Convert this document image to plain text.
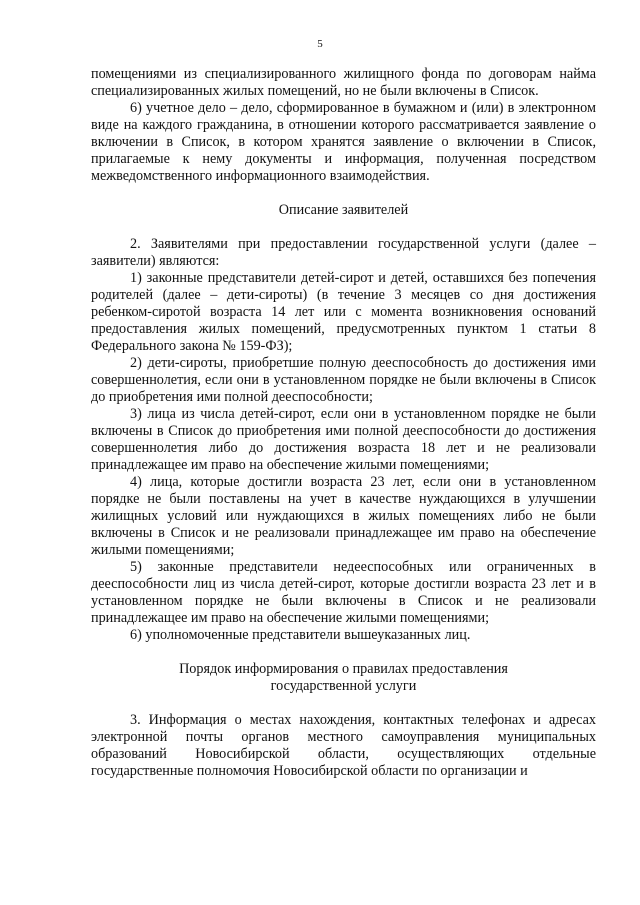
5

помещениями из специализированного жилищного фонда по договорам найма специализированных жилых помещений, но не были включены в Список.

6) учетное дело – дело, сформированное в бумажном и (или) в электронном виде на каждого гражданина, в отношении которого рассматривается заявление о включении в Список, в котором хранятся заявление о включении в Список, прилагаемые к нему документы и информация, полученная посредством межведомственного информационного взаимодействия.

Описание заявителей

2. Заявителями при предоставлении государственной услуги (далее – заявители) являются:

1) законные представители детей-сирот и детей, оставшихся без попечения родителей (далее – дети-сироты) (в течение 3 месяцев со дня достижения ребенком-сиротой возраста 14 лет или с момента возникновения оснований предоставления жилых помещений, предусмотренных пунктом 1 статьи 8 Федерального закона № 159-ФЗ);

2) дети-сироты, приобретшие полную дееспособность до достижения ими совершеннолетия, если они в установленном порядке не были включены в Список до приобретения ими полной дееспособности;

3) лица из числа детей-сирот, если они в установленном порядке не были включены в Список до приобретения ими полной дееспособности до достижения совершеннолетия либо до достижения возраста 18 лет и не реализовали принадлежащее им право на обеспечение жилыми помещениями;

4) лица, которые достигли возраста 23 лет, если они в установленном порядке не были поставлены на учет в качестве нуждающихся в улучшении жилищных условий или нуждающихся в жилых помещениях либо не были включены в Список и не реализовали принадлежащее им право на обеспечение жилыми помещениями;

5) законные представители недееспособных или ограниченных в дееспособности лиц из числа детей-сирот, которые достигли возраста 23 лет и в установленном порядке не были включены в Список и не реализовали принадлежащее им право на обеспечение жилыми помещениями;

6) уполномоченные представители вышеуказанных лиц.

Порядок информирования о правилах предоставления

государственной услуги

3. Информация о местах нахождения, контактных телефонах и адресах электронной почты органов местного самоуправления муниципальных образований Новосибирской области, осуществляющих отдельные государственные полномочия Новосибирской области по организации и
